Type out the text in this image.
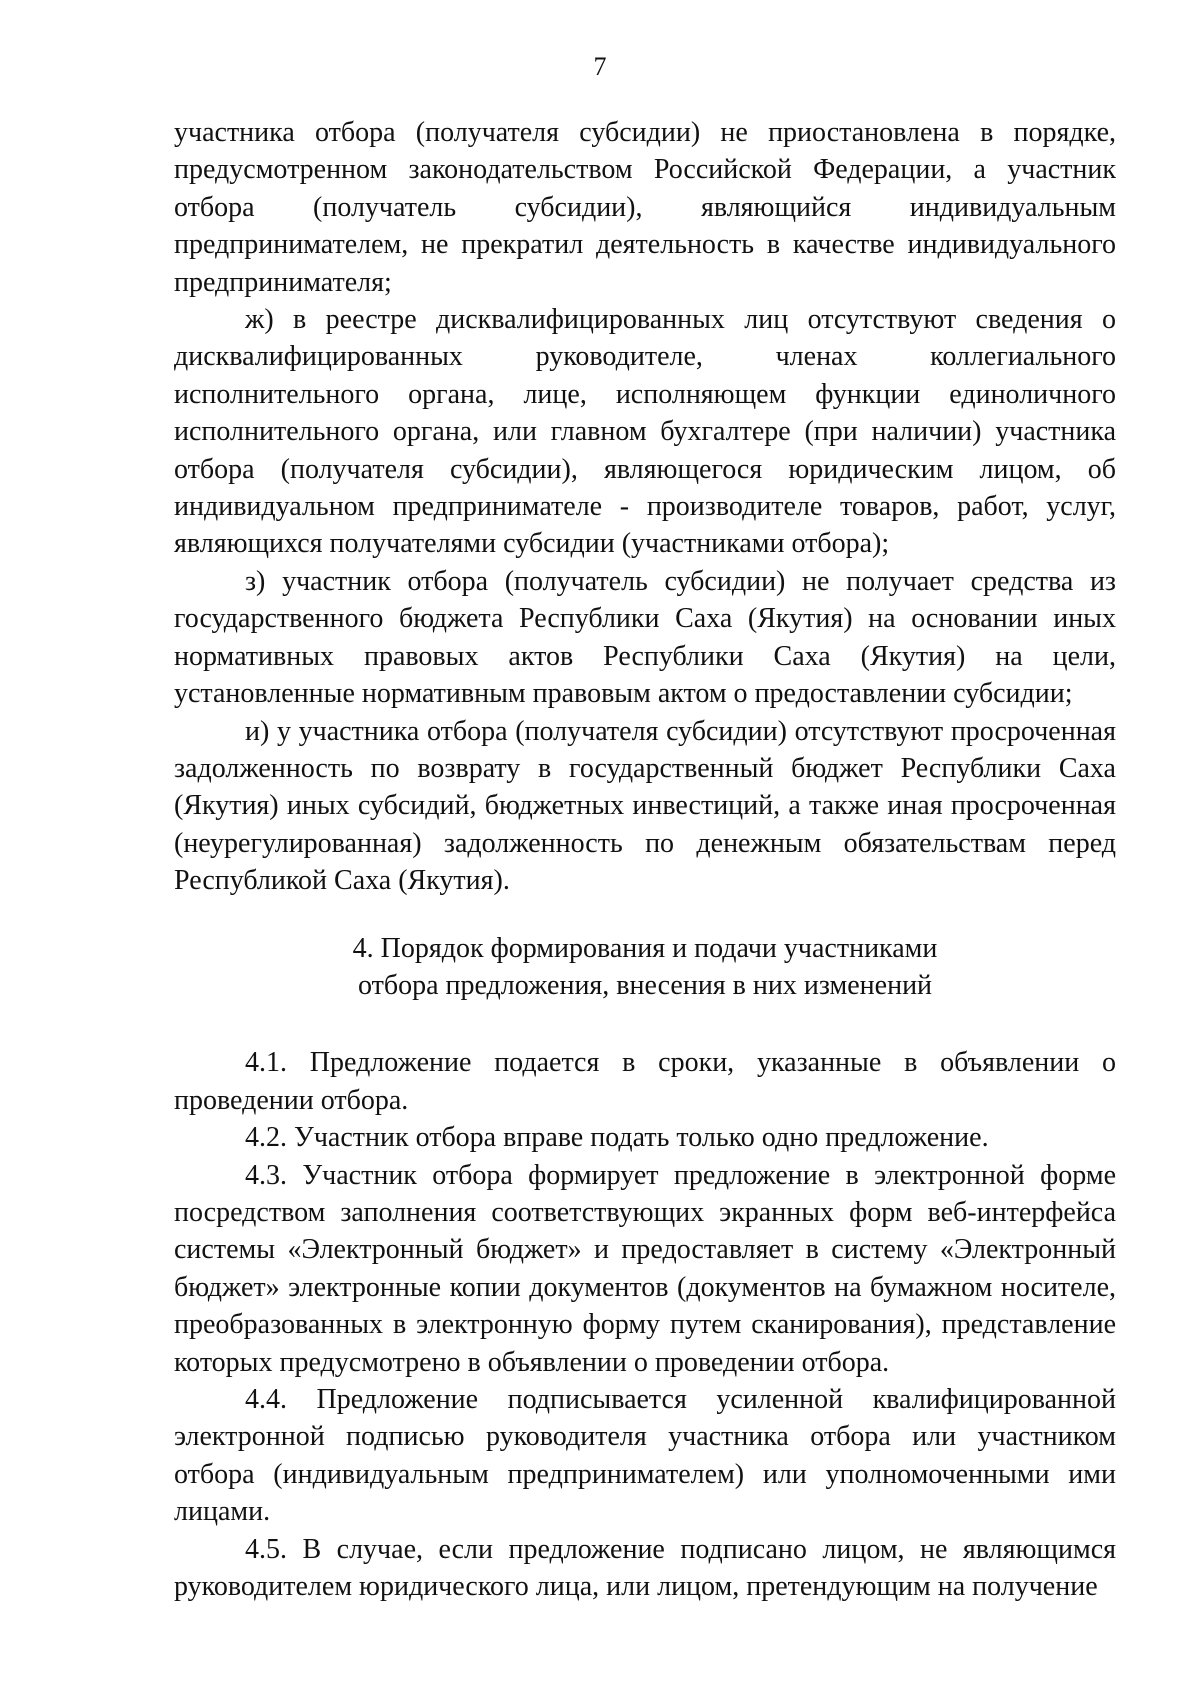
7

участника отбора (получателя субсидии) не приостановлена в порядке, предусмотренном законодательством Российской Федерации, а участник отбора (получатель субсидии), являющийся индивидуальным предпринимателем, не прекратил деятельность в качестве индивидуального предпринимателя;

ж) в реестре дисквалифицированных лиц отсутствуют сведения о дисквалифицированных руководителе, членах коллегиального исполнительного органа, лице, исполняющем функции единоличного исполнительного органа, или главном бухгалтере (при наличии) участника отбора (получателя субсидии), являющегося юридическим лицом, об индивидуальном предпринимателе - производителе товаров, работ, услуг, являющихся получателями субсидии (участниками отбора);

з) участник отбора (получатель субсидии) не получает средства из государственного бюджета Республики Саха (Якутия) на основании иных нормативных правовых актов Республики Саха (Якутия) на цели, установленные нормативным правовым актом о предоставлении субсидии;

и) у участника отбора (получателя субсидии) отсутствуют просроченная задолженность по возврату в государственный бюджет Республики Саха (Якутия) иных субсидий, бюджетных инвестиций, а также иная просроченная (неурегулированная) задолженность по денежным обязательствам перед Республикой Саха (Якутия).

4. Порядок формирования и подачи участниками
отбора предложения, внесения в них изменений

4.1. Предложение подается в сроки, указанные в объявлении о проведении отбора.

4.2. Участник отбора вправе подать только одно предложение.

4.3. Участник отбора формирует предложение в электронной форме посредством заполнения соответствующих экранных форм веб-интерфейса системы «Электронный бюджет» и предоставляет в систему «Электронный бюджет» электронные копии документов (документов на бумажном носителе, преобразованных в электронную форму путем сканирования), представление которых предусмотрено в объявлении о проведении отбора.

4.4. Предложение подписывается усиленной квалифицированной электронной подписью руководителя участника отбора или участником отбора (индивидуальным предпринимателем) или уполномоченными ими лицами.

4.5. В случае, если предложение подписано лицом, не являющимся руководителем юридического лица, или лицом, претендующим на получение
